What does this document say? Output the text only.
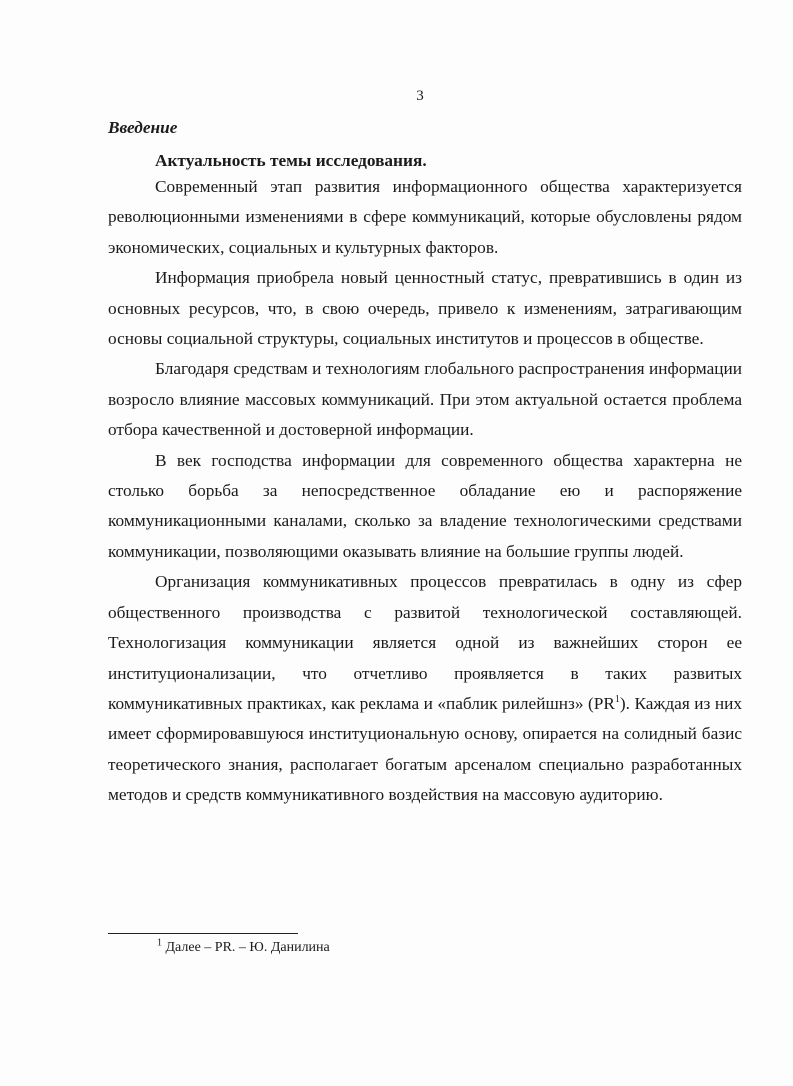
3
Введение
Актуальность темы исследования.

Современный этап развития информационного общества характеризуется революционными изменениями в сфере коммуникаций, которые обусловлены рядом экономических, социальных и культурных факторов.

Информация приобрела новый ценностный статус, превратившись в один из основных ресурсов, что, в свою очередь, привело к изменениям, затрагивающим основы социальной структуры, социальных институтов и процессов в обществе.

Благодаря средствам и технологиям глобального распространения информации возросло влияние массовых коммуникаций. При этом актуальной остается проблема отбора качественной и достоверной информации.

В век господства информации для современного общества характерна не столько борьба за непосредственное обладание ею и распоряжение коммуникационными каналами, сколько за владение технологическими средствами коммуникации, позволяющими оказывать влияние на большие группы людей.

Организация коммуникативных процессов превратилась в одну из сфер общественного производства с развитой технологической составляющей. Технологизация коммуникации является одной из важнейших сторон ее институционализации, что отчетливо проявляется в таких развитых коммуникативных практиках, как реклама и «паблик рилейшнз» $(PR^1)$. Каждая из них имеет сформировавшуюся институциональную основу, опирается на солидный базис теоретического знания, располагает богатым арсеналом специально разработанных методов и средств коммуникативного воздействия на массовую аудиторию.

$^1$ Далее – PR. – Ю. Данилина
